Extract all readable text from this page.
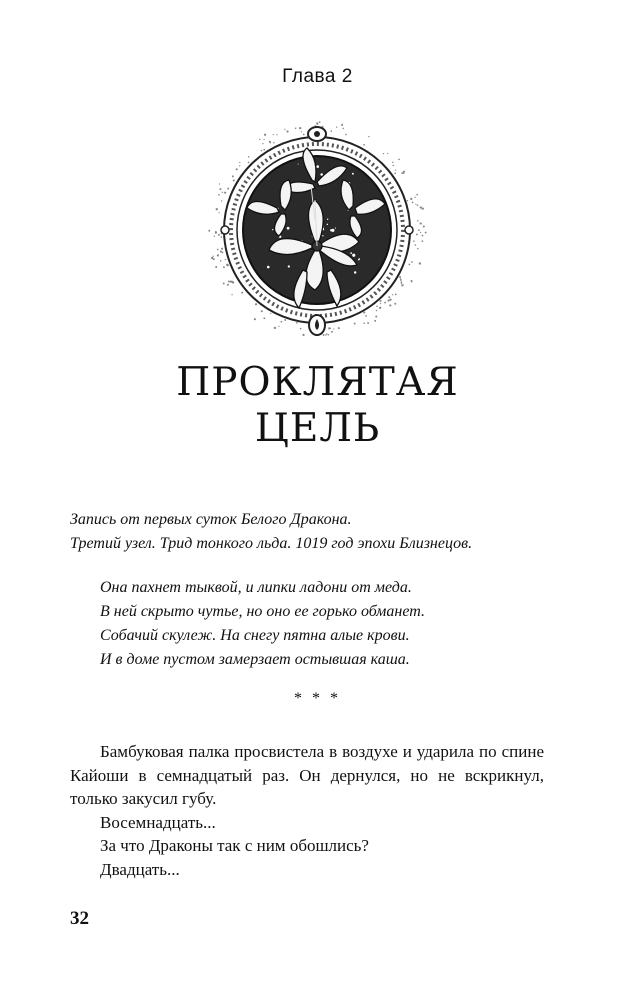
Глава 2
ПРОКЛЯТАЯ
ЦЕЛЬ
Запись от первых суток Белого Дракона.
Третий узел. Трид тонкого льда. 1019 год эпохи Близнецов.
Она пахнет тыквой, и липки ладони от меда.
В ней скрыто чутье, но оно ее горько обманет.
Собачий скулеж. На снегу пятна алые крови.
И в доме пустом замерзает остывшая каша.
* * *

Бамбуковая палка просвистела в воздухе и ударила по спине Кайоши в семнадцатый раз. Он дернулся, но не вскрикнул, только закусил губу.

Восемнадцать...

За что Драконы так с ним обошлись?

Двадцать...

32
